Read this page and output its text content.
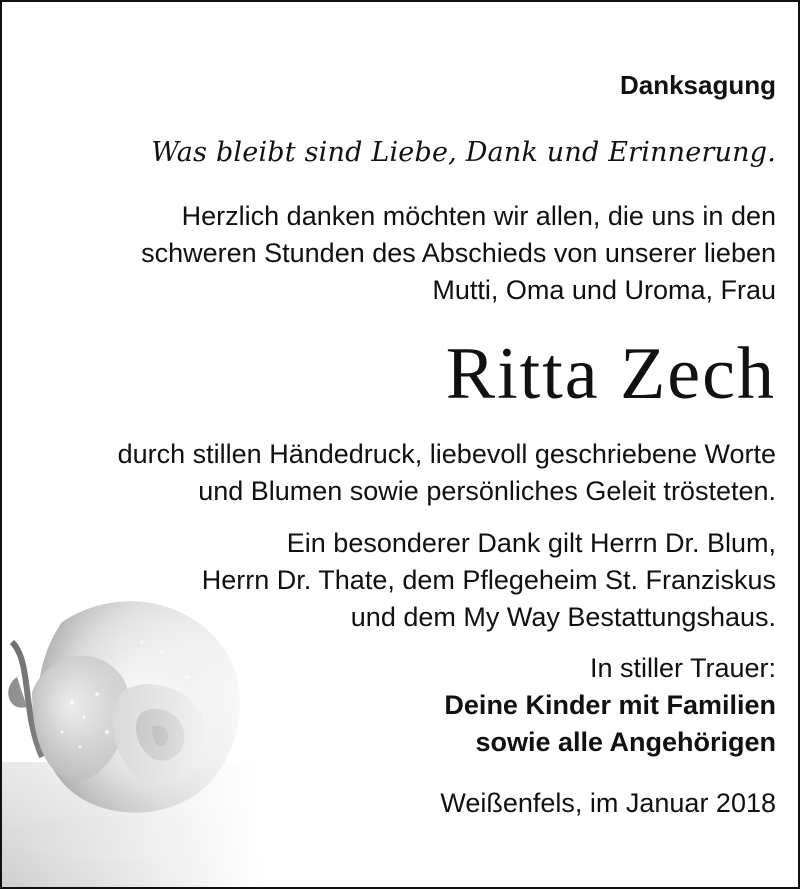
Danksagung
Was bleibt sind Liebe, Dank und Erinnerung.
Herzlich danken möchten wir allen, die uns in den
schweren Stunden des Abschieds von unserer lieben
Mutti, Oma und Uroma, Frau
Ritta Zech
durch stillen Händedruck, liebevoll geschriebene Worte
und Blumen sowie persönliches Geleit trösteten.
Ein besonderer Dank gilt Herrn Dr. Blum,
Herrn Dr. Thate, dem Pflegeheim St. Franziskus
und dem My Way Bestattungshaus.
In stiller Trauer:
Deine Kinder mit Familien
sowie alle Angehörigen
Weißenfels, im Januar 2018
